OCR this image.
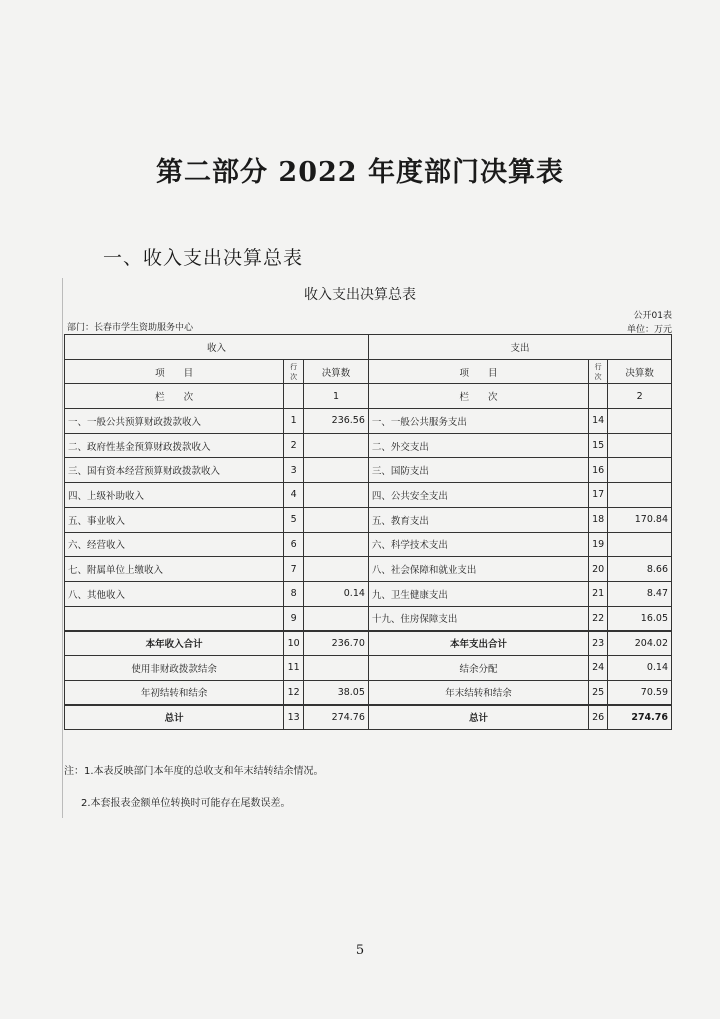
第二部分 2022 年度部门决算表
一、收入支出决算总表
收入支出决算总表
公开01表
单位：万元
部门：长春市学生资助服务中心
收入			支出		
项　　目	行次	决算数	项　　目	行次	决算数
栏　　次		1	栏　　次		2
一、一般公共预算财政拨款收入	1	236.56	一、一般公共服务支出	14	
二、政府性基金预算财政拨款收入	2		二、外交支出	15	
三、国有资本经营预算财政拨款收入	3		三、国防支出	16	
四、上级补助收入	4		四、公共安全支出	17	
五、事业收入	5		五、教育支出	18	170.84
六、经营收入	6		六、科学技术支出	19	
七、附属单位上缴收入	7		八、社会保障和就业支出	20	8.66
八、其他收入	8	0.14	九、卫生健康支出	21	8.47
	9		十九、住房保障支出	22	16.05
本年收入合计	10	236.70	本年支出合计	23	204.02
使用非财政拨款结余	11		结余分配	24	0.14
年初结转和结余	12	38.05	年末结转和结余	25	70.59
总计	13	274.76	总计	26	274.76
注：1.本表反映部门本年度的总收支和年末结转结余情况。
2.本套报表金额单位转换时可能存在尾数误差。
5
